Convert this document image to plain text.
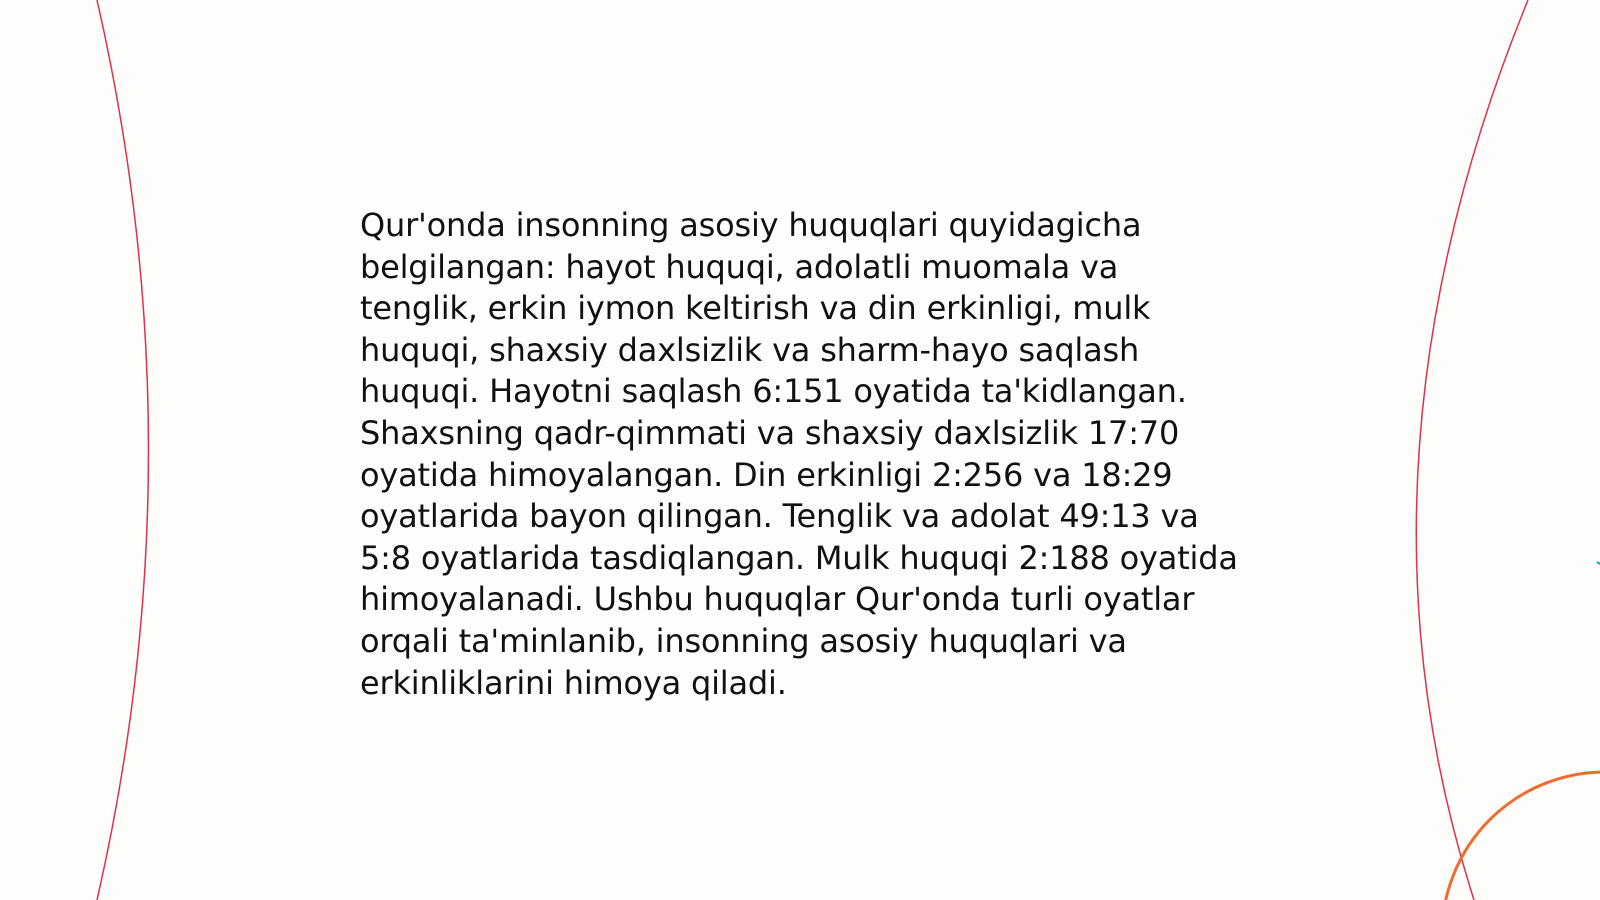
Qur'onda insonning asosiy huquqlari quyidagicha belgilangan: hayot huquqi, adolatli muomala va tenglik, erkin iymon keltirish va din erkinligi, mulk huquqi, shaxsiy daxlsizlik va sharm-hayo saqlash huquqi. Hayotni saqlash 6:151 oyatida ta'kidlangan. Shaxsning qadr-qimmati va shaxsiy daxlsizlik 17:70 oyatida himoyalangan. Din erkinligi 2:256 va 18:29 oyatlarida bayon qilingan. Tenglik va adolat 49:13 va 5:8 oyatlarida tasdiqlangan. Mulk huquqi 2:188 oyatida himoyalanadi. Ushbu huquqlar Qur'onda turli oyatlar orqali ta'minlanib, insonning asosiy huquqlari va erkinliklarini himoya qiladi.
